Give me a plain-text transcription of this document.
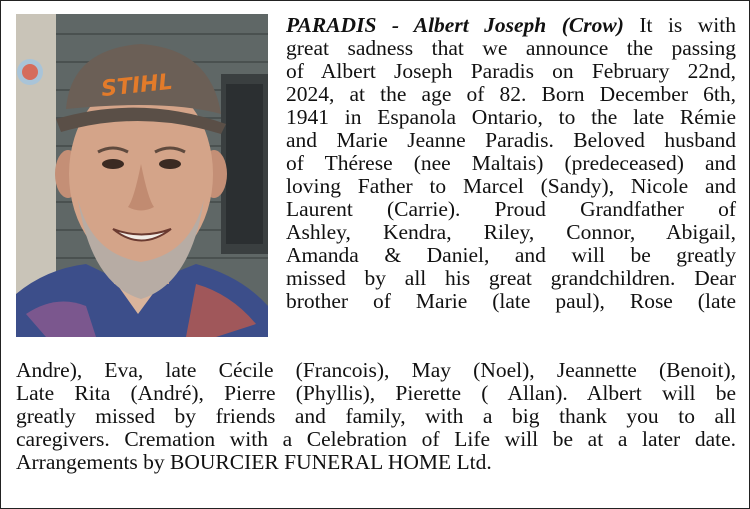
STIHL
PARADIS - Albert Joseph (Crow) It is with
great sadness that we announce the passing
of Albert Joseph Paradis on February 22nd,
2024, at the age of 82. Born December 6th,
1941 in Espanola Ontario, to the late Rémie
and Marie Jeanne Paradis. Beloved husband
of Thérese (nee Maltais) (predeceased) and
loving Father to Marcel (Sandy), Nicole and
Laurent (Carrie). Proud Grandfather of
Ashley, Kendra, Riley, Connor, Abigail,
Amanda & Daniel, and will be greatly
missed by all his great grandchildren. Dear
brother of Marie (late paul), Rose (late
Andre), Eva, late Cécile (Francois), May (Noel), Jeannette (Benoit),
Late Rita (André), Pierre (Phyllis), Pierette ( Allan). Albert will be
greatly missed by friends and family, with a big thank you to all
caregivers. Cremation with a Celebration of Life will be at a later date.
Arrangements by BOURCIER FUNERAL HOME Ltd.
